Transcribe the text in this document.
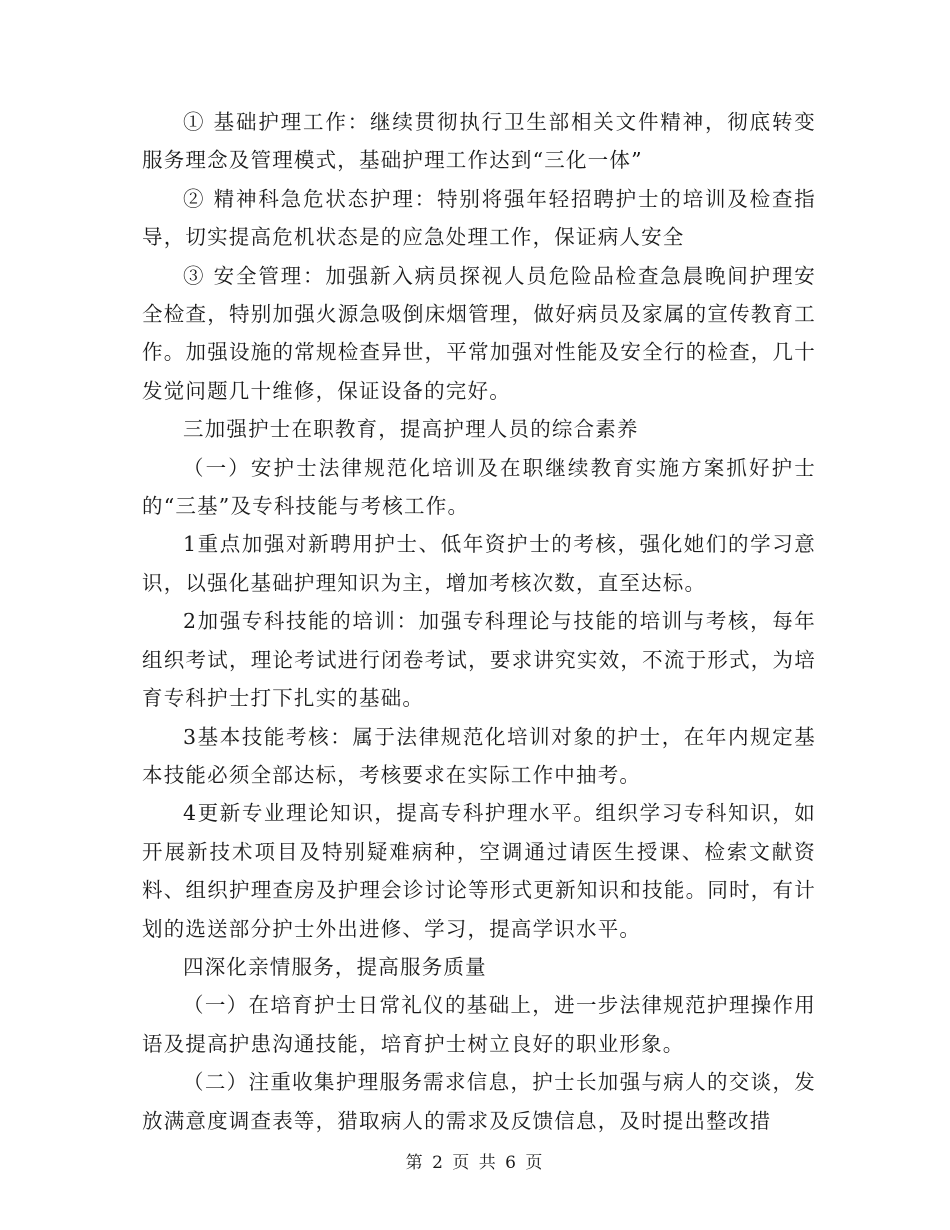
① 基础护理工作：继续贯彻执行卫生部相关文件精神，彻底转变服务理念及管理模式，基础护理工作达到“三化一体”

② 精神科急危状态护理：特别将强年轻招聘护士的培训及检查指导，切实提高危机状态是的应急处理工作，保证病人安全

③ 安全管理：加强新入病员探视人员危险品检查急晨晚间护理安全检查，特别加强火源急吸倒床烟管理，做好病员及家属的宣传教育工作。加强设施的常规检查异世，平常加强对性能及安全行的检查，几十发觉问题几十维修，保证设备的完好。

三加强护士在职教育，提高护理人员的综合素养

（一）安护士法律规范化培训及在职继续教育实施方案抓好护士的“三基”及专科技能与考核工作。

1重点加强对新聘用护士、低年资护士的考核，强化她们的学习意识，以强化基础护理知识为主，增加考核次数，直至达标。

2加强专科技能的培训：加强专科理论与技能的培训与考核，每年组织考试，理论考试进行闭卷考试，要求讲究实效，不流于形式，为培育专科护士打下扎实的基础。

3基本技能考核：属于法律规范化培训对象的护士，在年内规定基本技能必须全部达标，考核要求在实际工作中抽考。

4更新专业理论知识，提高专科护理水平。组织学习专科知识，如开展新技术项目及特别疑难病种，空调通过请医生授课、检索文献资料、组织护理查房及护理会诊讨论等形式更新知识和技能。同时，有计划的选送部分护士外出进修、学习，提高学识水平。

四深化亲情服务，提高服务质量

（一）在培育护士日常礼仪的基础上，进一步法律规范护理操作用语及提高护患沟通技能，培育护士树立良好的职业形象。

（二）注重收集护理服务需求信息，护士长加强与病人的交谈，发放满意度调查表等，猎取病人的需求及反馈信息，及时提出整改措

第 2 页 共 6 页
